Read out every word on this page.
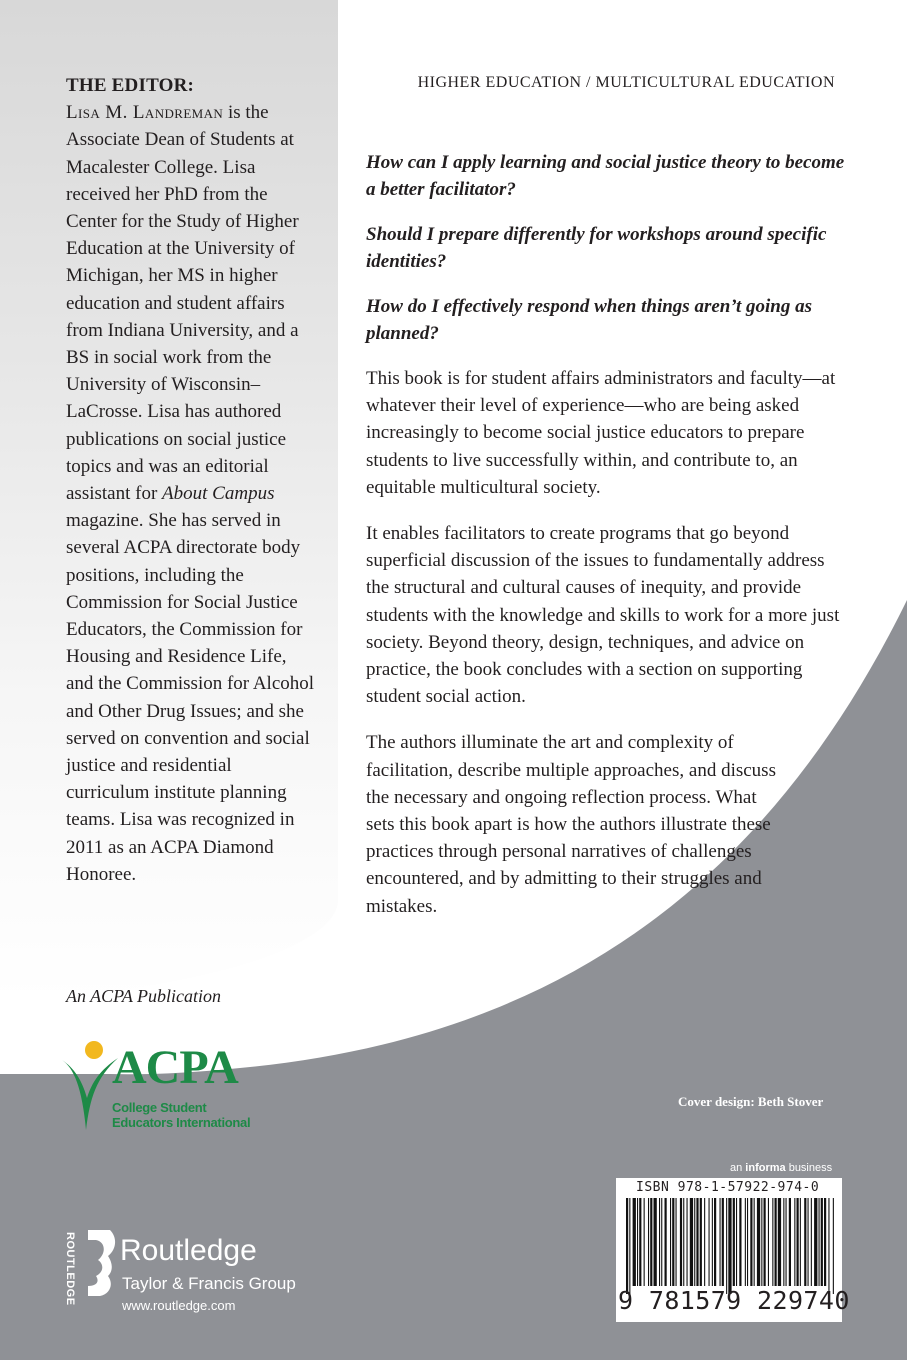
THE EDITOR:

Lisa M. Landreman is the Associate Dean of Students at Macalester College. Lisa received her PhD from the Center for the Study of Higher Education at the University of Michigan, her MS in higher education and student affairs from Indiana University, and a BS in social work from the University of Wisconsin–LaCrosse. Lisa has authored publications on social justice topics and was an editorial assistant for About Campus magazine. She has served in several ACPA directorate body positions, including the Commission for Social Justice Educators, the Commission for Housing and Residence Life, and the Commission for Alcohol and Other Drug Issues; and she served on convention and social justice and residential curriculum institute planning teams. Lisa was recognized in 2011 as an ACPA Diamond Honoree.

An ACPA Publication
ACPA
College Student
Educators International
ROUTLEDGE Routledge
Taylor & Francis Group
www.routledge.com
HIGHER EDUCATION / MULTICULTURAL EDUCATION

How can I apply learning and social justice theory to become a better facilitator?

Should I prepare differently for workshops around specific identities?

How do I effectively respond when things aren’t going as planned?

This book is for student affairs administrators and faculty—at whatever their level of experience—who are being asked increasingly to become social justice educators to prepare students to live successfully within, and contribute to, an equitable multicultural society.

It enables facilitators to create programs that go beyond superficial discussion of the issues to fundamentally address the structural and cultural causes of inequity, and provide students with the knowledge and skills to work for a more just society. Beyond theory, design, techniques, and advice on practice, the book concludes with a section on supporting student social action.

The authors illuminate the art and complexity of facilitation, describe multiple approaches, and discuss the necessary and ongoing reflection process. What sets this book apart is how the authors illustrate these practices through personal narratives of challenges encountered, and by admitting to their struggles and mistakes.

Cover design: Beth Stover
an informa business
ISBN 978-1-57922-974-0
9 781579 229740
